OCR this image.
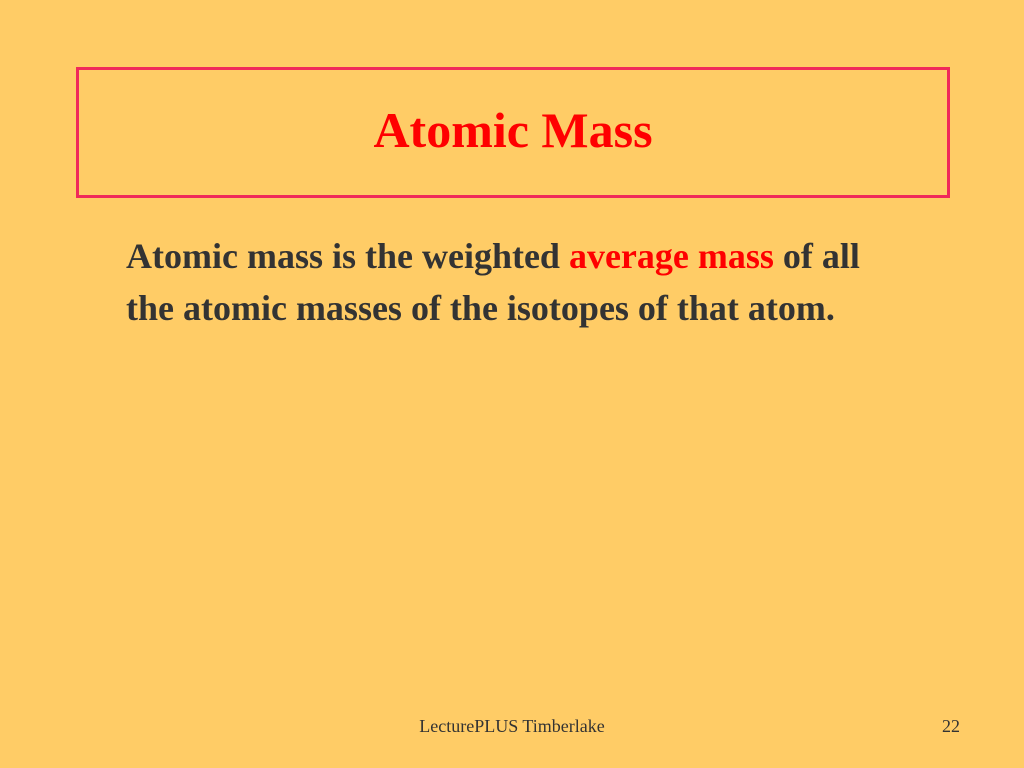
Atomic Mass

Atomic mass is the weighted average mass of all the atomic masses of the isotopes of that atom.

LecturePLUS Timberlake	22
